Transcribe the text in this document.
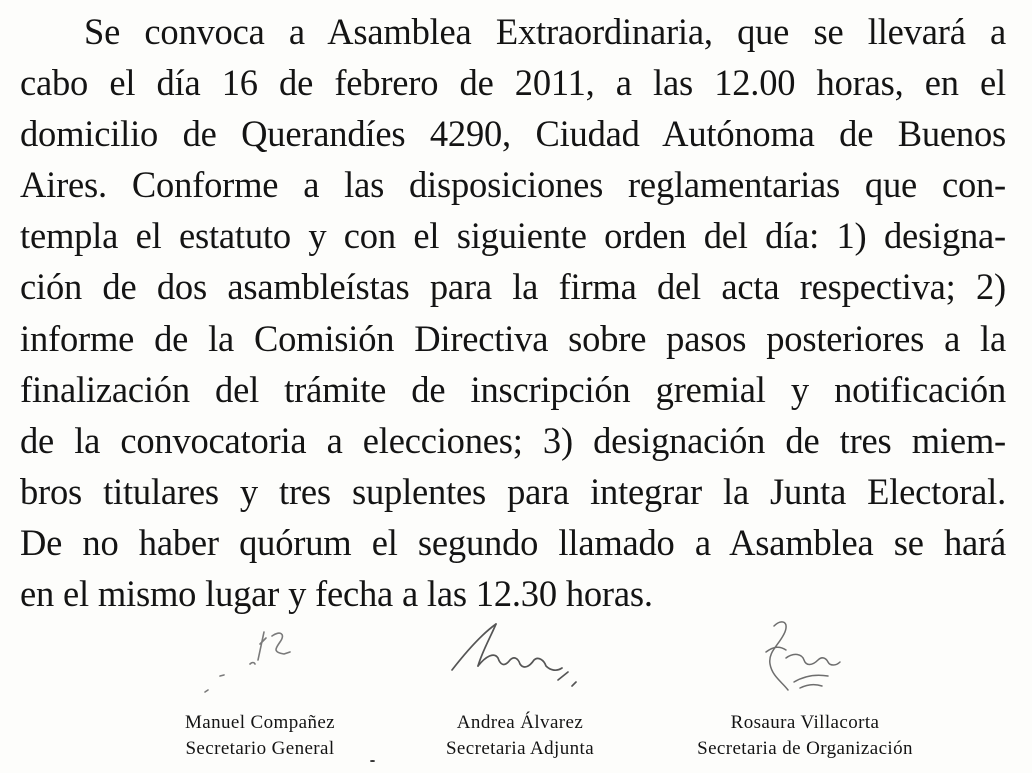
Se convoca a Asamblea Extraordinaria, que se llevará a
cabo el día 16 de febrero de 2011, a las 12.00 horas, en el
domicilio de Querandíes 4290, Ciudad Autónoma de Buenos
Aires. Conforme a las disposiciones reglamentarias que con-
templa el estatuto y con el siguiente orden del día: 1) designa-
ción de dos asambleístas para la firma del acta respectiva; 2)
informe de la Comisión Directiva sobre pasos posteriores a la
finalización del trámite de inscripción gremial y notificación
de la convocatoria a elecciones; 3) designación de tres miem-
bros titulares y tres suplentes para integrar la Junta Electoral.
De no haber quórum el segundo llamado a Asamblea se hará
en el mismo lugar y fecha a las 12.30 horas.
Manuel Compañez
Secretario General
Andrea Álvarez
Secretaria Adjunta
Rosaura Villacorta
Secretaria de Organización
